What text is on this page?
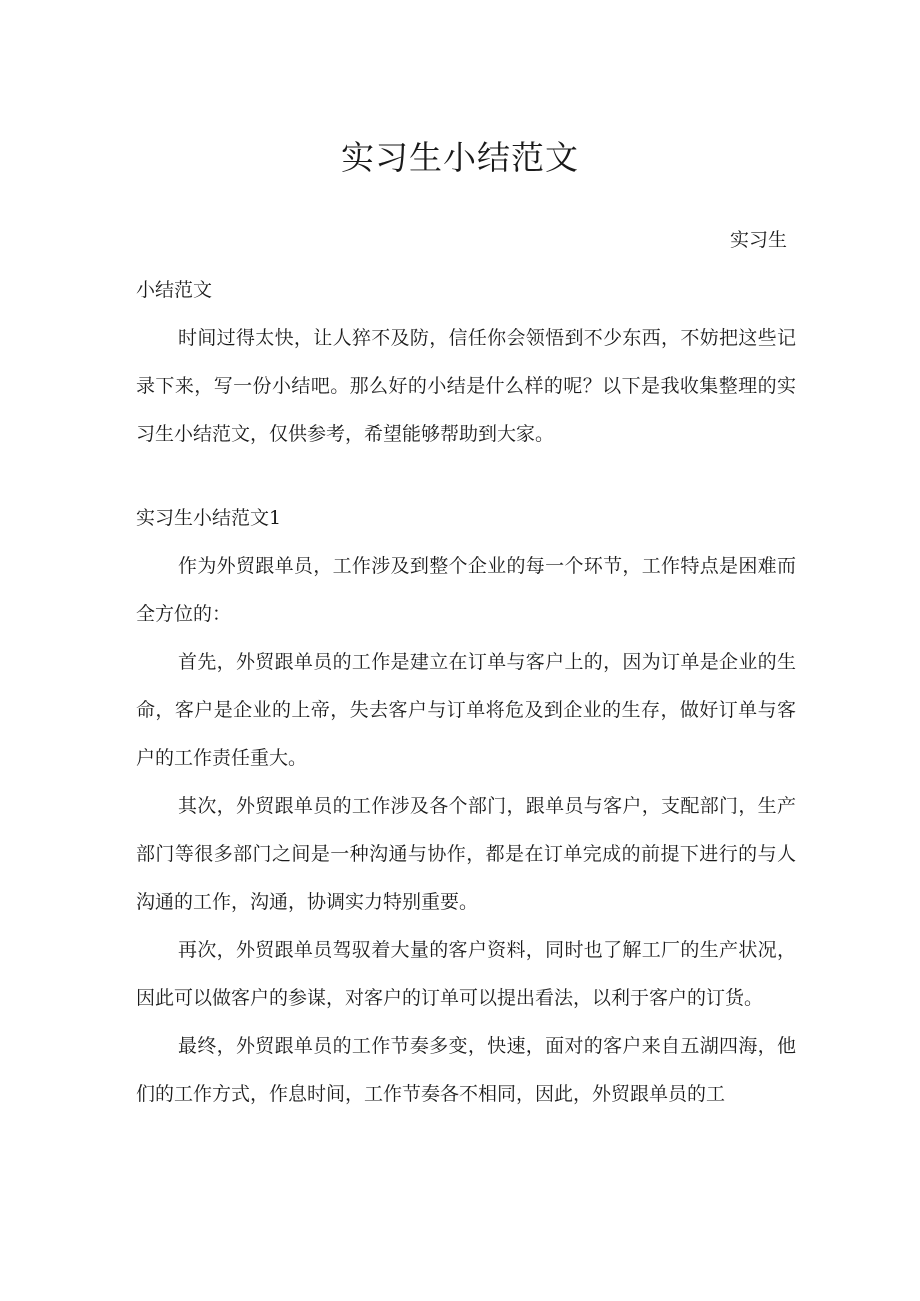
实习生小结范文

实习生

小结范文

时间过得太快，让人猝不及防，信任你会领悟到不少东西，不妨把这些记录下来，写一份小结吧。那么好的小结是什么样的呢？以下是我收集整理的实习生小结范文，仅供参考，希望能够帮助到大家。

实习生小结范文1

作为外贸跟单员，工作涉及到整个企业的每一个环节，工作特点是困难而全方位的：

首先，外贸跟单员的工作是建立在订单与客户上的，因为订单是企业的生命，客户是企业的上帝，失去客户与订单将危及到企业的生存，做好订单与客户的工作责任重大。

其次，外贸跟单员的工作涉及各个部门，跟单员与客户，支配部门，生产部门等很多部门之间是一种沟通与协作，都是在订单完成的前提下进行的与人沟通的工作，沟通，协调实力特别重要。

再次，外贸跟单员驾驭着大量的客户资料，同时也了解工厂的生产状况，因此可以做客户的参谋，对客户的订单可以提出看法，以利于客户的订货。

最终，外贸跟单员的工作节奏多变，快速，面对的客户来自五湖四海，他们的工作方式，作息时间，工作节奏各不相同，因此，外贸跟单员的工
